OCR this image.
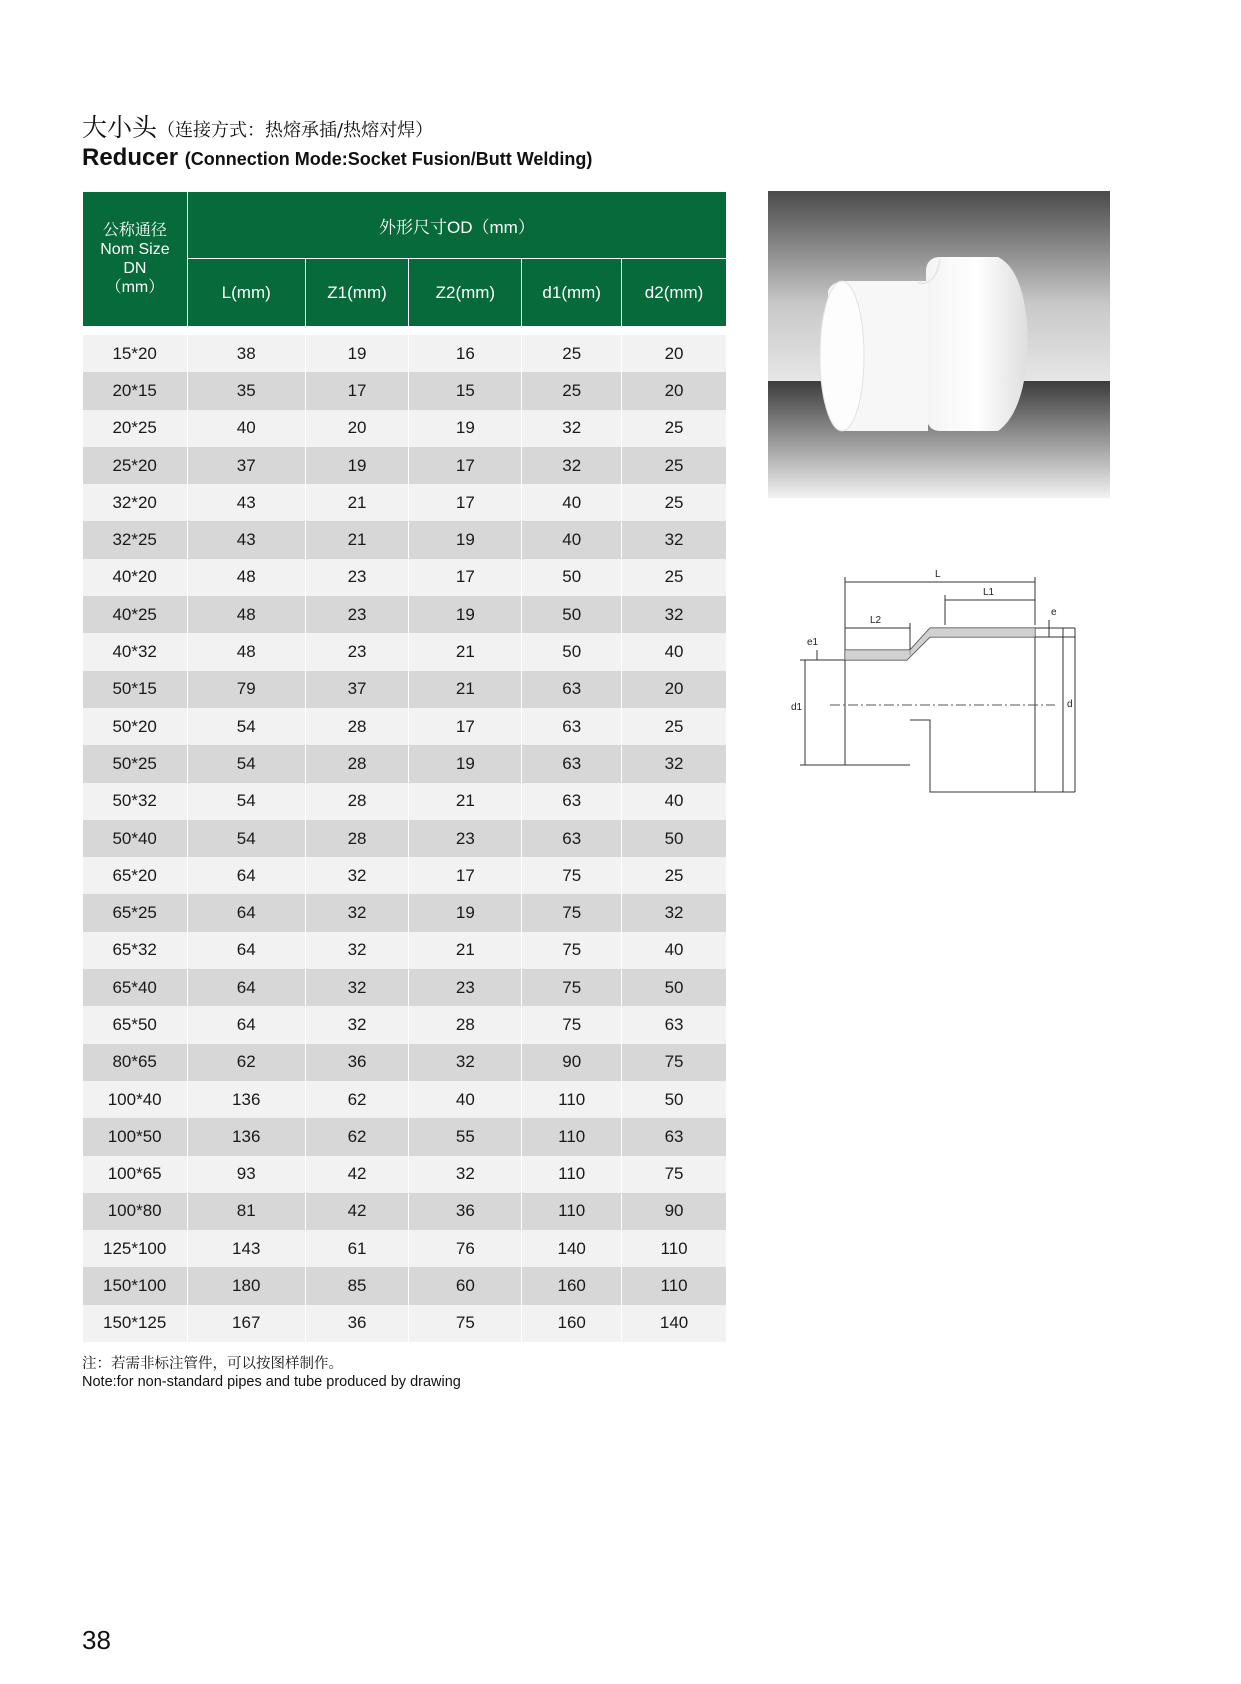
大小头（连接方式：热熔承插/热熔对焊）
Reducer (Connection Mode:Socket Fusion/Butt Welding)
公称通径
Nom Size
DN
（mm）	外形尺寸OD（mm）				
	L(mm)	Z1(mm)	Z2(mm)	d1(mm)	d2(mm)

15*20	38	19	16	25	20
20*15	35	17	15	25	20
20*25	40	20	19	32	25
25*20	37	19	17	32	25
32*20	43	21	17	40	25
32*25	43	21	19	40	32
40*20	48	23	17	50	25
40*25	48	23	19	50	32
40*32	48	23	21	50	40
50*15	79	37	21	63	20
50*20	54	28	17	63	25
50*25	54	28	19	63	32
50*32	54	28	21	63	40
50*40	54	28	23	63	50
65*20	64	32	17	75	25
65*25	64	32	19	75	32
65*32	64	32	21	75	40
65*40	64	32	23	75	50
65*50	64	32	28	75	63
80*65	62	36	32	90	75
100*40	136	62	40	110	50
100*50	136	62	55	110	63
100*65	93	42	32	110	75
100*80	81	42	36	110	90
125*100	143	61	76	140	110
150*100	180	85	60	160	110
150*125	167	36	75	160	140
L
L1
L2
e
e1
d
d1
注：若需非标注管件，可以按图样制作。
Note:for non-standard pipes and tube produced by drawing
38
